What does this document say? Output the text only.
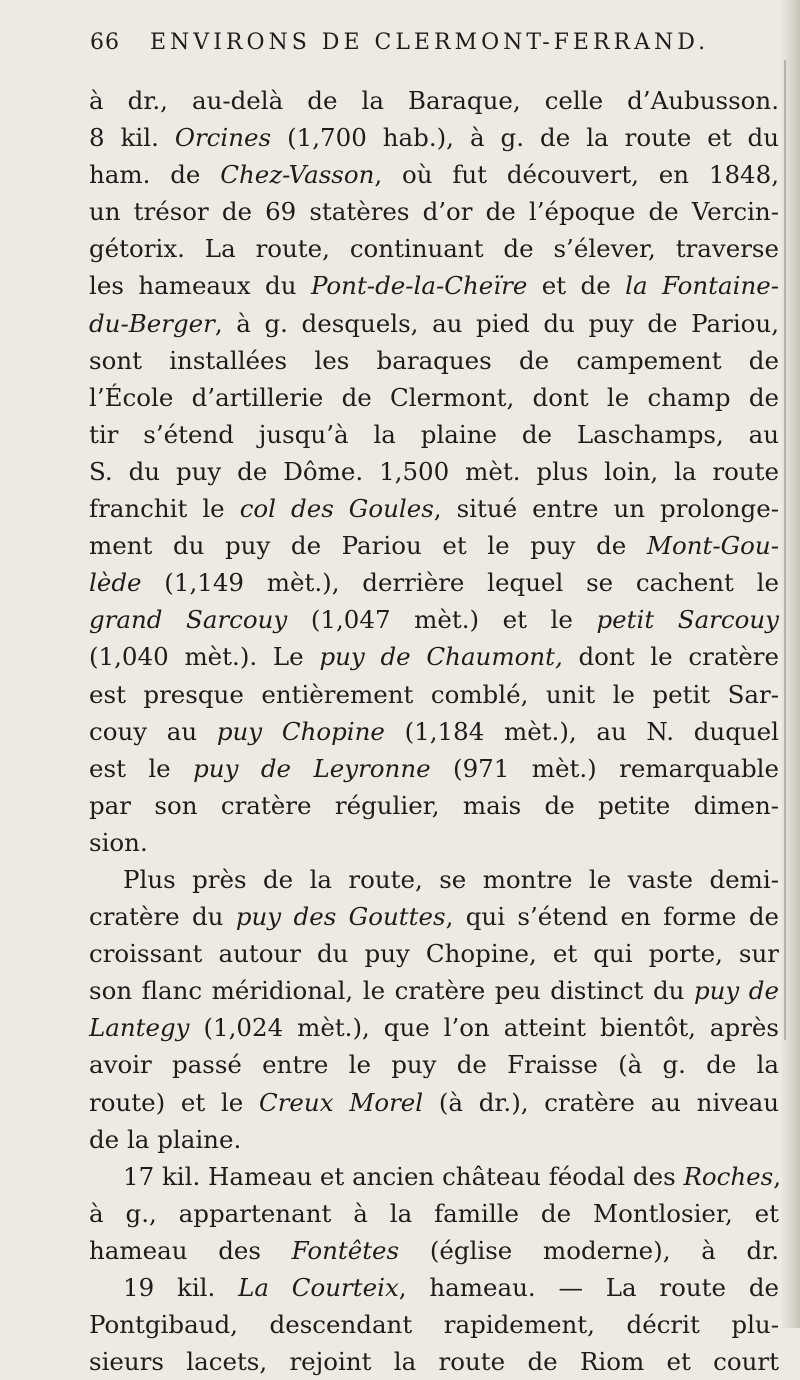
66 ENVIRONS DE CLERMONT-FERRAND.
à dr., au-delà de la Baraque, celle d’Aubusson.
8 kil. Orcines (1,700 hab.), à g. de la route et du
ham. de Chez-Vasson, où fut découvert, en 1848,
un trésor de 69 statères d’or de l’époque de Vercin-
gétorix. La route, continuant de s’élever, traverse
les hameaux du Pont-de-la-Cheïre et de la Fontaine-
du-Berger, à g. desquels, au pied du puy de Pariou,
sont installées les baraques de campement de
l’École d’artillerie de Clermont, dont le champ de
tir s’étend jusqu’à la plaine de Laschamps, au
S. du puy de Dôme. 1,500 mèt. plus loin, la route
franchit le col des Goules, situé entre un prolonge-
ment du puy de Pariou et le puy de Mont-Gou-
lède (1,149 mèt.), derrière lequel se cachent le
grand Sarcouy (1,047 mèt.) et le petit Sarcouy
(1,040 mèt.). Le puy de Chaumont, dont le cratère
est presque entièrement comblé, unit le petit Sar-
couy au puy Chopine (1,184 mèt.), au N. duquel
est le puy de Leyronne (971 mèt.) remarquable
par son cratère régulier, mais de petite dimen-
sion.
Plus près de la route, se montre le vaste demi-
cratère du puy des Gouttes, qui s’étend en forme de
croissant autour du puy Chopine, et qui porte, sur
son flanc méridional, le cratère peu distinct du puy de
Lantegy (1,024 mèt.), que l’on atteint bientôt, après
avoir passé entre le puy de Fraisse (à g. de la
route) et le Creux Morel (à dr.), cratère au niveau
de la plaine.
17 kil. Hameau et ancien château féodal des Roches,
à g., appartenant à la famille de Montlosier, et
hameau des Fontêtes (église moderne), à dr.
19 kil. La Courteix, hameau. — La route de
Pontgibaud, descendant rapidement, décrit plu-
sieurs lacets, rejoint la route de Riom et court
